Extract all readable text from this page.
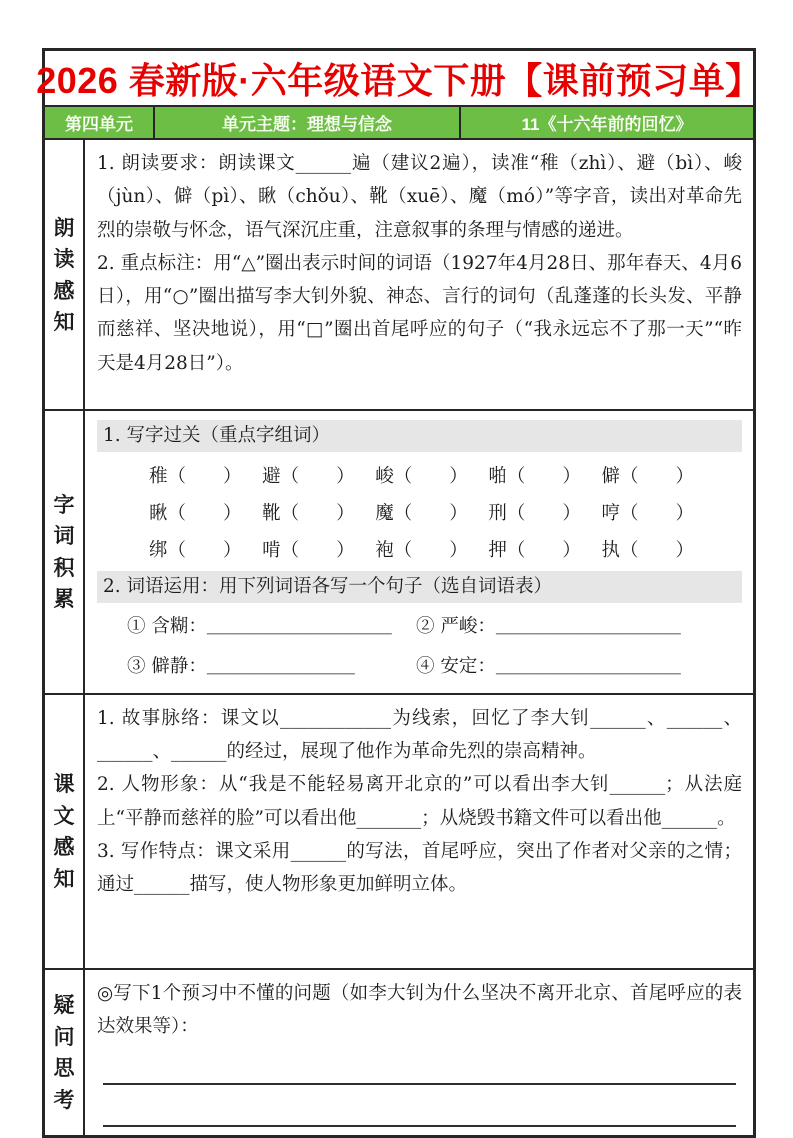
2026 春新版·六年级语文下册【课前预习单】
第四单元	单元主题：理想与信念	11《十六年前的回忆》
朗读感知

1. 朗读要求：朗读课文______遍（建议2遍），读准“稚（zhì）、避（bì）、峻（jùn）、僻（pì）、瞅（chǒu）、靴（xuē）、魔（mó）”等字音，读出对革命先烈的崇敬与怀念，语气深沉庄重，注意叙事的条理与情感的递进。

2. 重点标注：用“△”圈出表示时间的词语（1927年4月28日、那年春天、4月6日），用“○”圈出描写李大钊外貌、神态、言行的词句（乱蓬蓬的长头发、平静而慈祥、坚决地说），用“□”圈出首尾呼应的句子（“我永远忘不了那一天”“昨天是4月28日”）。

字词积累
1. 写字过关（重点字组词）
稚（　　） 避（　　） 峻（　　） 啪（　　） 僻（　　）
瞅（　　） 靴（　　） 魔（　　） 刑（　　） 哼（　　）
绑（　　） 啃（　　） 袍（　　） 押（　　） 执（　　）
2. 词语运用：用下列词语各写一个句子（选自词语表）
① 含糊：＿＿＿＿＿＿＿＿＿＿	② 严峻：＿＿＿＿＿＿＿＿＿＿
③ 僻静：＿＿＿＿＿＿＿＿	④ 安定：＿＿＿＿＿＿＿＿＿＿
课文感知

1. 故事脉络：课文以____________为线索，回忆了李大钊______、______、______、______的经过，展现了他作为革命先烈的崇高精神。

2. 人物形象：从“我是不能轻易离开北京的”可以看出李大钊______；从法庭上“平静而慈祥的脸”可以看出他_______；从烧毁书籍文件可以看出他______。

3. 写作特点：课文采用______的写法，首尾呼应，突出了作者对父亲的之情；通过______描写，使人物形象更加鲜明立体。

疑问思考

◎写下1个预习中不懂的问题（如李大钊为什么坚决不离开北京、首尾呼应的表达效果等）：
